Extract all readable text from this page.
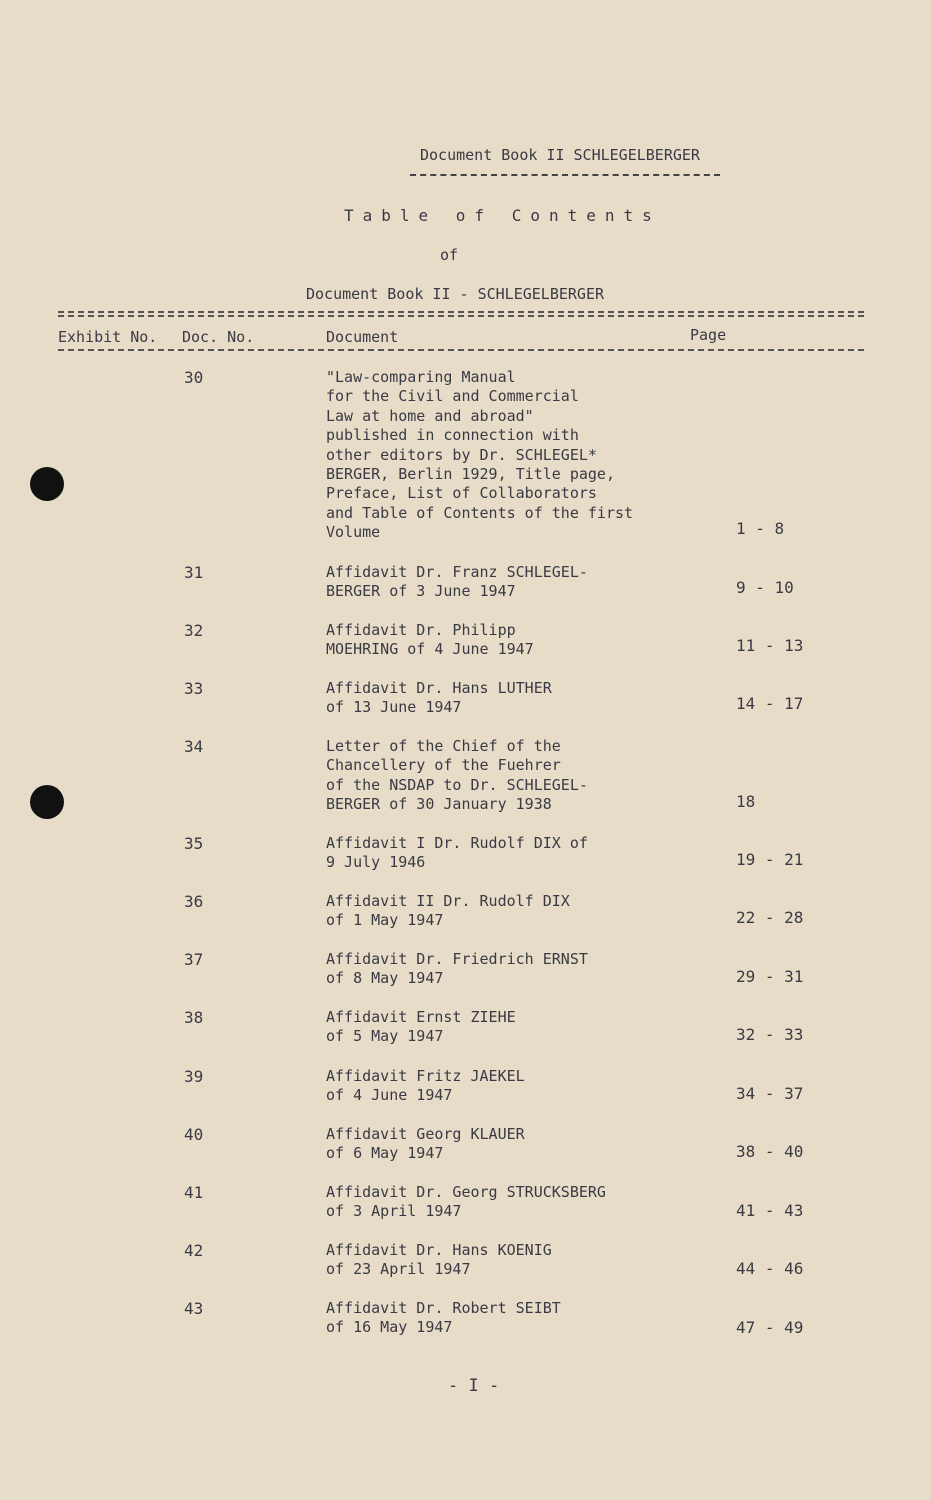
Document Book II SCHLEGELBERGER
Table of Contents
of
Document Book II - SCHLEGELBERGER
Exhibit No. Doc. No.	Document	Page
30	"Law-comparing Manual
for the Civil and Commercial
Law at home and abroad"
published in connection with
other editors by Dr. SCHLEGEL*
BERGER, Berlin 1929, Title page,
Preface, List of Collaborators
and Table of Contents of the first
Volume	1 - 8
31	Affidavit Dr. Franz SCHLEGEL-
BERGER of 3 June 1947	9 - 10
32	Affidavit Dr. Philipp
MOEHRING of 4 June 1947	11 - 13
33	Affidavit Dr. Hans LUTHER
of 13 June 1947	14 - 17
34	Letter of the Chief of the
Chancellery of the Fuehrer
of the NSDAP to Dr. SCHLEGEL-
BERGER of 30 January 1938	18
35	Affidavit I Dr. Rudolf DIX of
9 July 1946	19 - 21
36	Affidavit II Dr. Rudolf DIX
of 1 May 1947	22 - 28
37	Affidavit Dr. Friedrich ERNST
of 8 May 1947	29 - 31
38	Affidavit Ernst ZIEHE
of 5 May 1947	32 - 33
39	Affidavit Fritz JAEKEL
of 4 June 1947	34 - 37
40	Affidavit Georg KLAUER
of 6 May 1947	38 - 40
41	Affidavit Dr. Georg STRUCKSBERG
of 3 April 1947	41 - 43
42	Affidavit Dr. Hans KOENIG
of 23 April 1947	44 - 46
43	Affidavit Dr. Robert SEIBT
of 16 May 1947	47 - 49
- I -
